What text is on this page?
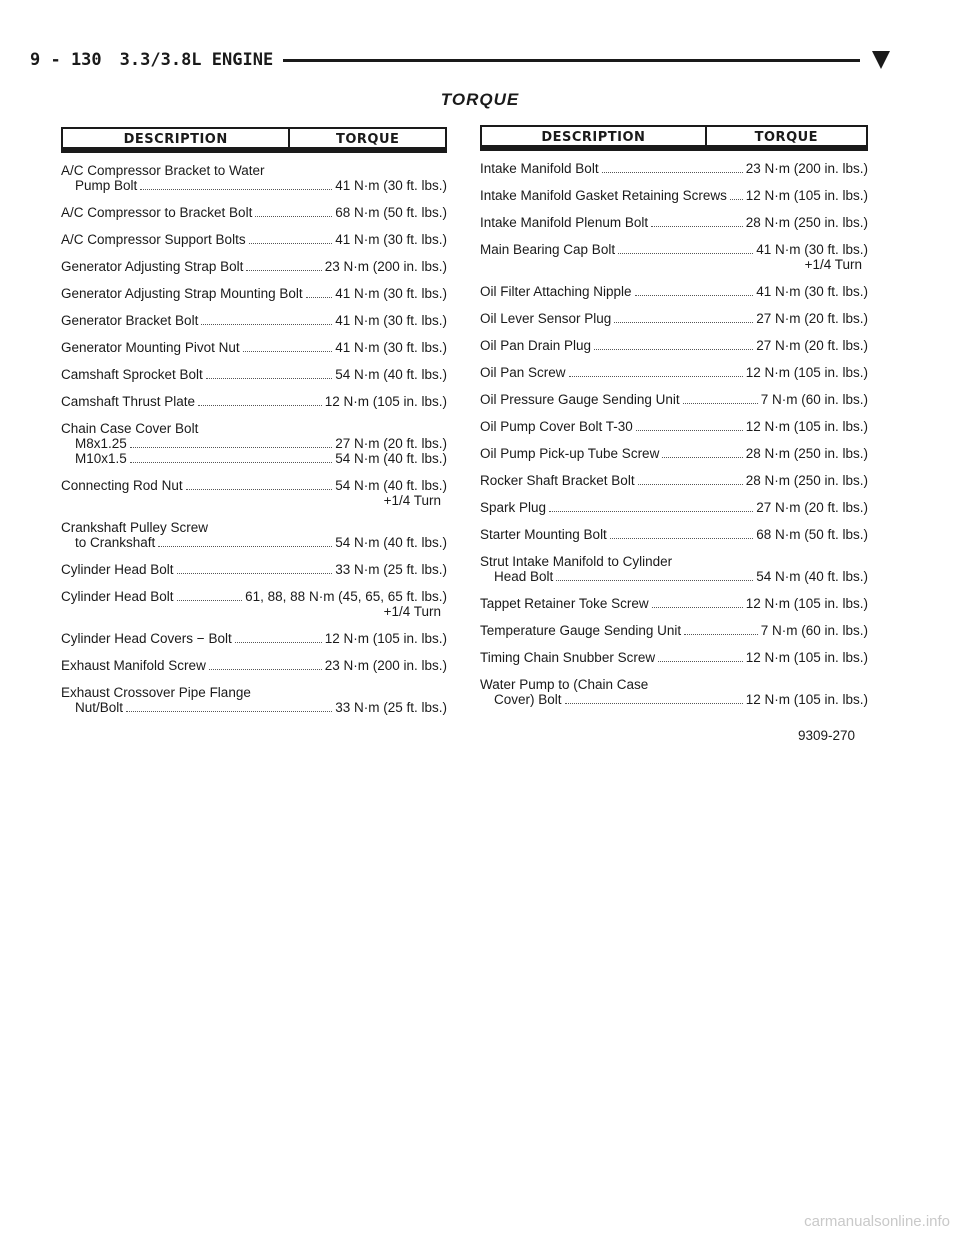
9 - 130 3.3/3.8L ENGINE
TORQUE
DESCRIPTION	TORQUE
A/C Compressor Bracket to Water
Pump Bolt	41 N·m (30 ft. lbs.)
A/C Compressor to Bracket Bolt	68 N·m (50 ft. lbs.)
A/C Compressor Support Bolts	41 N·m (30 ft. lbs.)
Generator Adjusting Strap Bolt	23 N·m (200 in. lbs.)
Generator Adjusting Strap Mounting Bolt 41 N·m (30 ft. lbs.)
Generator Bracket Bolt	41 N·m (30 ft. lbs.)
Generator Mounting Pivot Nut	41 N·m (30 ft. lbs.)
Camshaft Sprocket Bolt	54 N·m (40 ft. lbs.)
Camshaft Thrust Plate	12 N·m (105 in. lbs.)
Chain Case Cover Bolt
M8x1.25	27 N·m (20 ft. lbs.)
M10x1.5	54 N·m (40 ft. lbs.)
Connecting Rod Nut	54 N·m (40 ft. lbs.)
+1/4 Turn
Crankshaft Pulley Screw
to Crankshaft	54 N·m (40 ft. lbs.)
Cylinder Head Bolt	33 N·m (25 ft. lbs.)
Cylinder Head Bolt	61, 88, 88 N·m (45, 65, 65 ft. lbs.)
+1/4 Turn
Cylinder Head Covers − Bolt	12 N·m (105 in. lbs.)
Exhaust Manifold Screw	23 N·m (200 in. lbs.)
Exhaust Crossover Pipe Flange
Nut/Bolt	33 N·m (25 ft. lbs.)
DESCRIPTION	TORQUE
Intake Manifold Bolt	23 N·m (200 in. lbs.)
Intake Manifold Gasket Retaining Screws 12 N·m (105 in. lbs.)
Intake Manifold Plenum Bolt	28 N·m (250 in. lbs.)
Main Bearing Cap Bolt	41 N·m (30 ft. lbs.)
+1/4 Turn
Oil Filter Attaching Nipple	41 N·m (30 ft. lbs.)
Oil Lever Sensor Plug	27 N·m (20 ft. lbs.)
Oil Pan Drain Plug	27 N·m (20 ft. lbs.)
Oil Pan Screw	12 N·m (105 in. lbs.)
Oil Pressure Gauge Sending Unit	7 N·m (60 in. lbs.)
Oil Pump Cover Bolt T-30	12 N·m (105 in. lbs.)
Oil Pump Pick-up Tube Screw	28 N·m (250 in. lbs.)
Rocker Shaft Bracket Bolt	28 N·m (250 in. lbs.)
Spark Plug	27 N·m (20 ft. lbs.)
Starter Mounting Bolt	68 N·m (50 ft. lbs.)
Strut Intake Manifold to Cylinder
Head Bolt	54 N·m (40 ft. lbs.)
Tappet Retainer Toke Screw	12 N·m (105 in. lbs.)
Temperature Gauge Sending Unit	7 N·m (60 in. lbs.)
Timing Chain Snubber Screw	12 N·m (105 in. lbs.)
Water Pump to (Chain Case
Cover) Bolt	12 N·m (105 in. lbs.)
9309-270
carmanualsonline.info
